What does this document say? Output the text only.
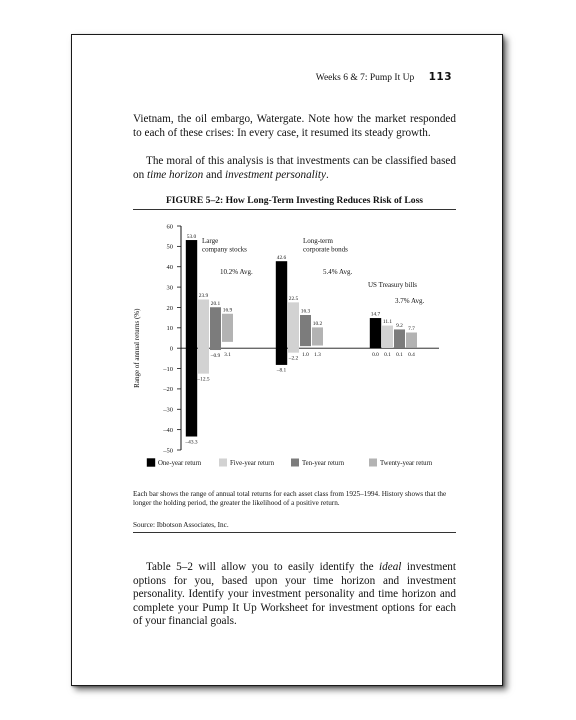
Weeks 6 & 7: Pump It Up 113
Vietnam, the oil embargo, Watergate. Note how the market responded to each of these crises: In every case, it resumed its steady growth.
The moral of this analysis is that investments can be classified based on time horizon and investment personality.
FIGURE 5–2: How Long-Term Investing Reduces Risk of Loss
60
50
40
30
20
10
0
–10
–20
–30
–40
–50
Range of annual returns (%)
Large
company stocks
10.2% Avg.
53.0
–43.3
23.9
–12.5
20.1
–0.9
16.9
3.1
Long-term
corporate bonds
5.4% Avg.
42.6
–8.1
22.5
–2.2
16.3
1.0
10.2
1.3
US Treasury bills
3.7% Avg.
14.7
0.0
11.1
0.1
9.2
0.1
7.7
0.4
One-year return	Five-year return	Ten-year return	Twenty-year return
Each bar shows the range of annual total returns for each asset class from 1925–1994. History shows that the longer the holding period, the greater the likelihood of a positive return.
Source: Ibbotson Associates, Inc.
Table 5–2 will allow you to easily identify the ideal investment options for you, based upon your time horizon and investment personality. Identify your investment personality and time horizon and complete your Pump It Up Worksheet for investment options for each of your financial goals.
